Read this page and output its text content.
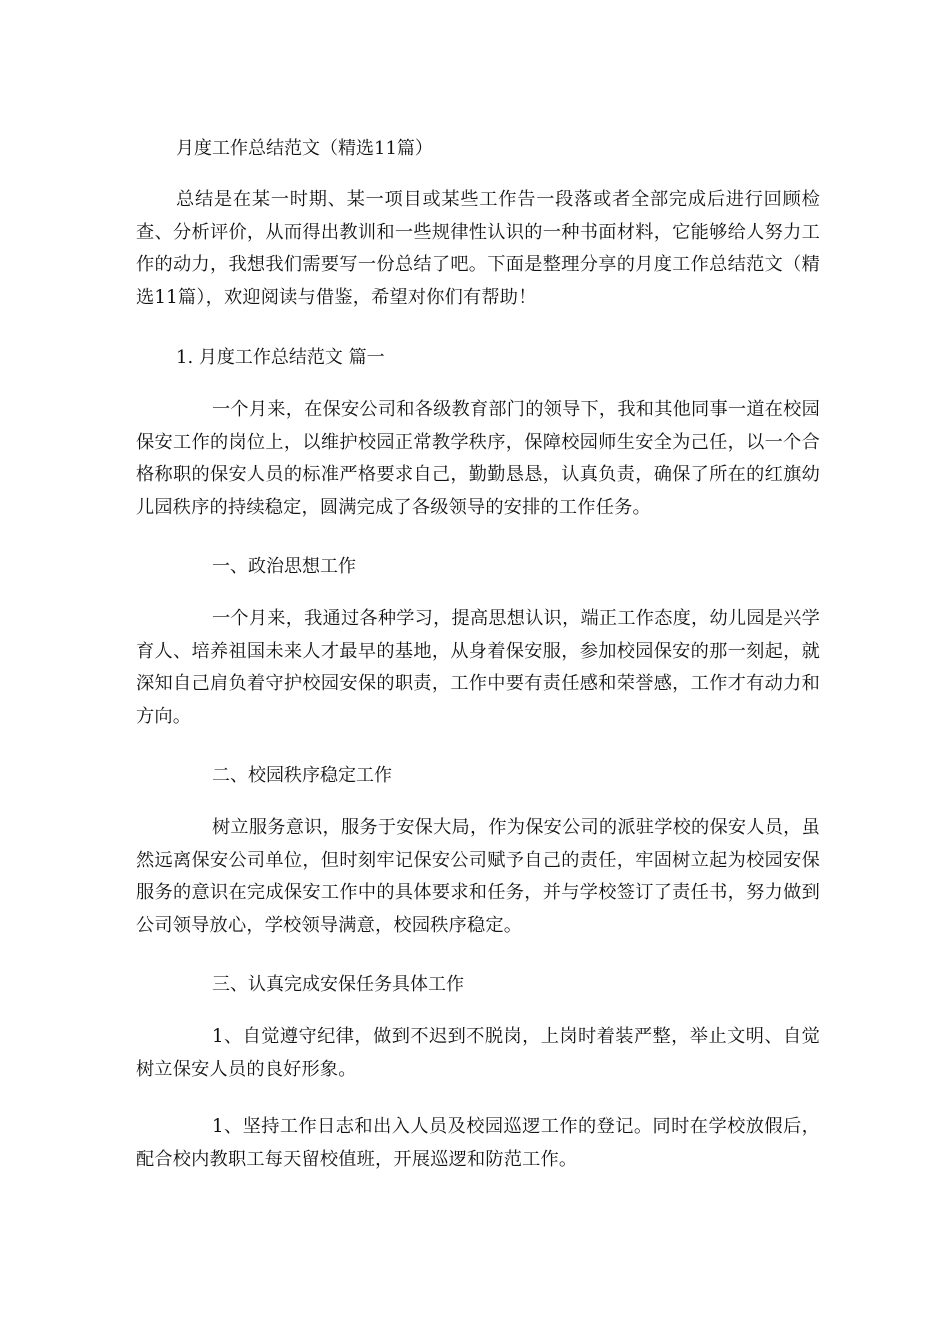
月度工作总结范文（精选11篇）

总结是在某一时期、某一项目或某些工作告一段落或者全部完成后进行回顾检查、分析评价，从而得出教训和一些规律性认识的一种书面材料，它能够给人努力工作的动力，我想我们需要写一份总结了吧。下面是整理分享的月度工作总结范文（精选11篇），欢迎阅读与借鉴，希望对你们有帮助！

1. 月度工作总结范文 篇一

一个月来，在保安公司和各级教育部门的领导下，我和其他同事一道在校园保安工作的岗位上，以维护校园正常教学秩序，保障校园师生安全为己任，以一个合格称职的保安人员的标准严格要求自己，勤勤恳恳，认真负责，确保了所在的红旗幼儿园秩序的持续稳定，圆满完成了各级领导的安排的工作任务。

一、政治思想工作

一个月来，我通过各种学习，提高思想认识，端正工作态度，幼儿园是兴学育人、培养祖国未来人才最早的基地，从身着保安服，参加校园保安的那一刻起，就深知自己肩负着守护校园安保的职责，工作中要有责任感和荣誉感，工作才有动力和方向。

二、校园秩序稳定工作

树立服务意识，服务于安保大局，作为保安公司的派驻学校的保安人员，虽然远离保安公司单位，但时刻牢记保安公司赋予自己的责任，牢固树立起为校园安保服务的意识在完成保安工作中的具体要求和任务，并与学校签订了责任书，努力做到公司领导放心，学校领导满意，校园秩序稳定。

三、认真完成安保任务具体工作

1、自觉遵守纪律，做到不迟到不脱岗，上岗时着装严整，举止文明、自觉树立保安人员的良好形象。

1、坚持工作日志和出入人员及校园巡逻工作的登记。同时在学校放假后，配合校内教职工每天留校值班，开展巡逻和防范工作。
